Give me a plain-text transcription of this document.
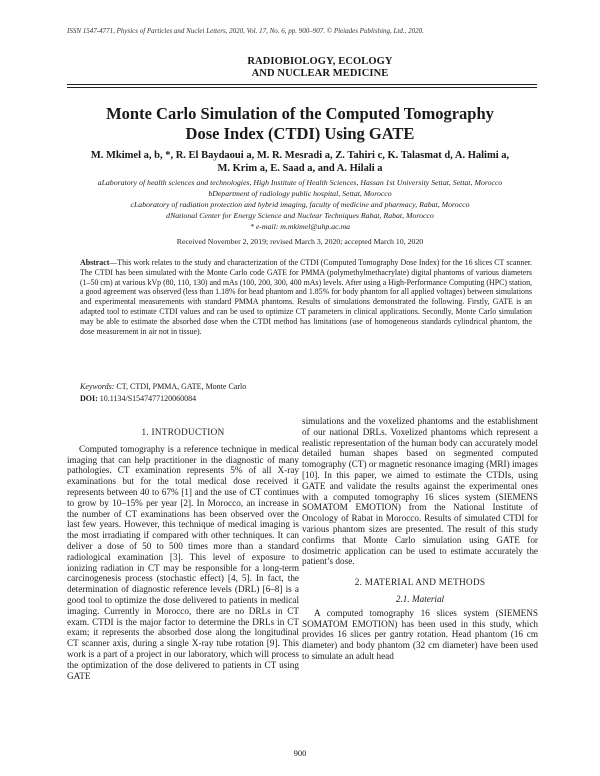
ISSN 1547-4771, Physics of Particles and Nuclei Letters, 2020, Vol. 17, No. 6, pp. 900–907. © Pleiades Publishing, Ltd., 2020.
RADIOBIOLOGY, ECOLOGY
AND NUCLEAR MEDICINE
Monte Carlo Simulation of the Computed Tomography
Dose Index (CTDI) Using GATE
M. Mkimel a, b, *, R. El Baydaoui a, M. R. Mesradi a, Z. Tahiri c, K. Talasmat d, A. Halimi a,
M. Krim a, E. Saad a, and A. Hilali a
aLaboratory of health sciences and technologies, High Institute of Health Sciences, Hassan 1st University Settat, Settat, Morocco
bDepartment of radiology public hospital, Settat, Morocco
cLaboratory of radiation protection and hybrid imaging, faculty of medicine and pharmacy, Rabat, Morocco
dNational Center for Energy Science and Nuclear Techniques Rabat, Rabat, Morocco
* e-mail: m.mkimel@uhp.ac.ma
Received November 2, 2019; revised March 3, 2020; accepted March 10, 2020
Abstract—This work relates to the study and characterization of the CTDI (Computed Tomography Dose Index) for the 16 slices CT scanner. The CTDI has been simulated with the Monte Carlo code GATE for PMMA (polymethylmethacrylate) digital phantoms of various diameters (1–50 cm) at various kVp (80, 110, 130) and mAs (100, 200, 300, 400 mAs) levels. After using a High-Performance Computing (HPC) station, a good agreement was observed (less than 1.18% for head phantom and 1.85% for body phantom for all applied voltages) between simulations and experimental measurements with standard PMMA phantoms. Results of simulations demonstrated the following. Firstly, GATE is an adapted tool to estimate CTDI values and can be used to optimize CT parameters in clinical applications. Secondly, Monte Carlo simulation may be able to estimate the absorbed dose when the CTDI method has limitations (use of homogeneous standards cylindrical phantom, the dose measurement in air not in tissue).
Keywords: CT, CTDI, PMMA, GATE, Monte Carlo
DOI: 10.1134/S1547477120060084
1. INTRODUCTION

Computed tomography is a reference technique in medical imaging that can help practitioner in the diagnostic of many pathologies. CT examination represents 5% of all X-ray examinations but for the total medical dose received it represents between 40 to 67% [1] and the use of CT continues to grow by 10–15% per year [2]. In Morocco, an increase in the number of CT examinations has been observed over the last few years. However, this technique of medical imaging is the most irradiating if compared with other techniques. It can deliver a dose of 50 to 500 times more than a standard radiological examination [3]. This level of exposure to ionizing radiation in CT may be responsible for a long-term carcinogenesis process (stochastic effect) [4, 5]. In fact, the determination of diagnostic reference levels (DRL) [6–8] is a good tool to optimize the dose delivered to patients in medical imaging. Currently in Morocco, there are no DRLs in CT exam. CTDI is the major factor to determine the DRLs in CT exam; it represents the absorbed dose along the longitudinal CT scanner axis, during a single X-ray tube rotation [9]. This work is a part of a project in our laboratory, which will process the optimization of the dose delivered to patients in CT using GATE

simulations and the voxelized phantoms and the establishment of our national DRLs. Voxelized phantoms which represent a realistic representation of the human body can accurately model detailed human shapes based on segmented computed tomography (CT) or magnetic resonance imaging (MRI) images [10]. In this paper, we aimed to estimate the CTDIs, using GATE and validate the results against the experimental ones with a computed tomography 16 slices system (SIEMENS SOMATOM EMOTION) from the National Institute of Oncology of Rabat in Morocco. Results of simulated CTDI for various phantom sizes are presented. The result of this study confirms that Monte Carlo simulation using GATE for dosimetric application can be used to estimate accurately the patient’s dose.

2. MATERIAL AND METHODS
2.1. Material

A computed tomography 16 slices system (SIEMENS SOMATOM EMOTION) has been used in this study, which provides 16 slices per gantry rotation. Head phantom (16 cm diameter) and body phantom (32 cm diameter) have been used to simulate an adult head

900
